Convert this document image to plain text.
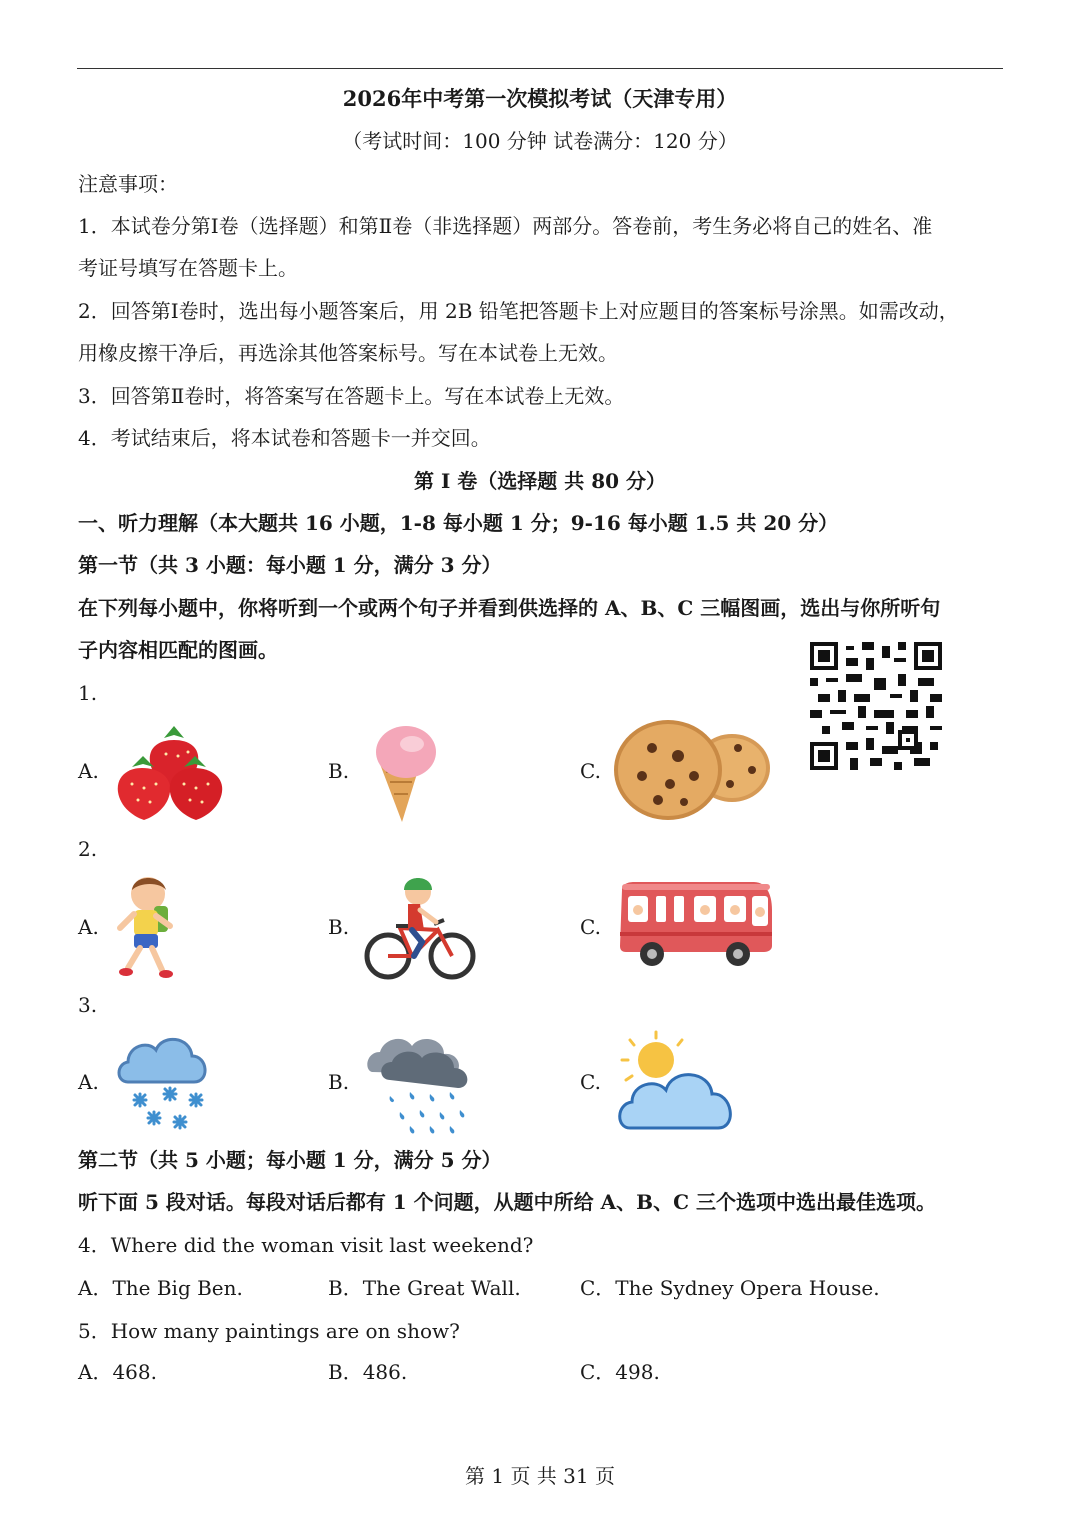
2026年中考第一次模拟考试（天津专用）
（考试时间：100 分钟 试卷满分：120 分）
注意事项：
1．本试卷分第Ⅰ卷（选择题）和第Ⅱ卷（非选择题）两部分。答卷前，考生务必将自己的姓名、准
考证号填写在答题卡上。
2．回答第Ⅰ卷时，选出每小题答案后，用 2B 铅笔把答题卡上对应题目的答案标号涂黑。如需改动，
用橡皮擦干净后，再选涂其他答案标号。写在本试卷上无效。
3．回答第Ⅱ卷时，将答案写在答题卡上。写在本试卷上无效。
4．考试结束后，将本试卷和答题卡一并交回。
第 I 卷（选择题 共 80 分）
一、听力理解（本大题共 16 小题，1-8 每小题 1 分；9-16 每小题 1.5 共 20 分）
第一节（共 3 小题：每小题 1 分，满分 3 分）
在下列每小题中，你将听到一个或两个句子并看到供选择的 A、B、C 三幅图画，选出与你所听句
子内容相匹配的图画。
1.
A.	B.	C.
2.
A.	B.	C.
3.
A.	B.	C.
第二节（共 5 小题；每小题 1 分，满分 5 分）
听下面 5 段对话。每段对话后都有 1 个问题，从题中所给 A、B、C 三个选项中选出最佳选项。
4．Where did the woman visit last weekend?
A．The Big Ben.	B．The Great Wall.	C．The Sydney Opera House.
5．How many paintings are on show?
A．468.	B．486.	C．498.
第 1 页 共 31 页
